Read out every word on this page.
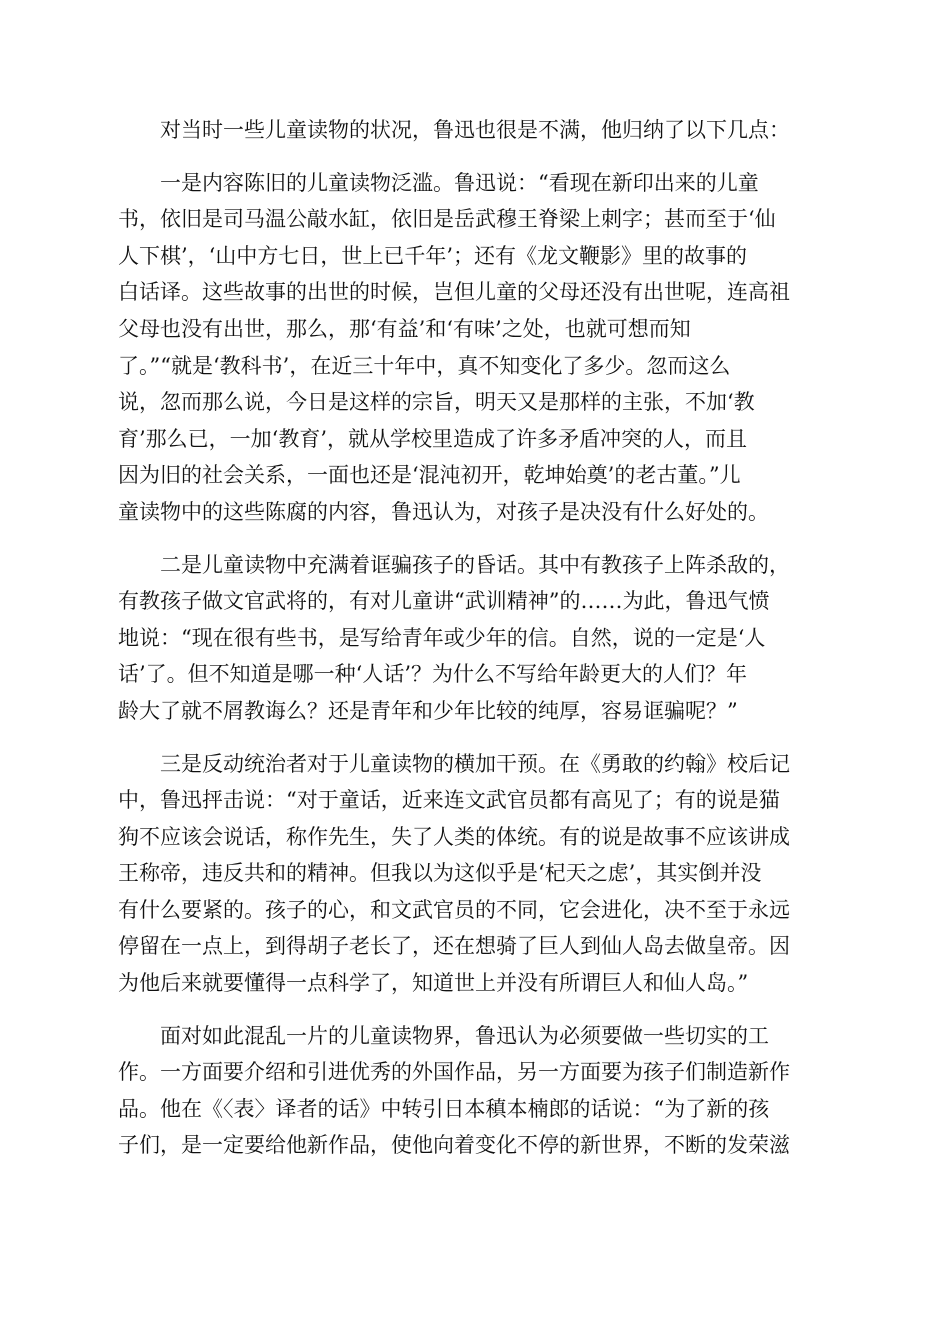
对当时一些儿童读物的状况，鲁迅也很是不满，他归纳了以下几点：
一是内容陈旧的儿童读物泛滥。鲁迅说：“看现在新印出来的儿童
书，依旧是司马温公敲水缸，依旧是岳武穆王脊梁上刺字；甚而至于‘仙
人下棋’，‘山中方七日，世上已千年’；还有《龙文鞭影》里的故事的
白话译。这些故事的出世的时候，岂但儿童的父母还没有出世呢，连高祖
父母也没有出世，那么，那‘有益’和‘有味’之处，也就可想而知
了。”“就是‘教科书’，在近三十年中，真不知变化了多少。忽而这么
说，忽而那么说，今日是这样的宗旨，明天又是那样的主张，不加‘教
育’那么已，一加‘教育’，就从学校里造成了许多矛盾冲突的人，而且
因为旧的社会关系，一面也还是‘混沌初开，乾坤始奠’的老古董。”儿
童读物中的这些陈腐的内容，鲁迅认为，对孩子是决没有什么好处的。
二是儿童读物中充满着诓骗孩子的昏话。其中有教孩子上阵杀敌的，
有教孩子做文官武将的，有对儿童讲“武训精神”的……为此，鲁迅气愤
地说：“现在很有些书，是写给青年或少年的信。自然，说的一定是‘人
话’了。但不知道是哪一种‘人话’？为什么不写给年龄更大的人们？年
龄大了就不屑教诲么？还是青年和少年比较的纯厚，容易诓骗呢？”
三是反动统治者对于儿童读物的横加干预。在《勇敢的约翰》校后记
中，鲁迅抨击说：“对于童话，近来连文武官员都有高见了；有的说是猫
狗不应该会说话，称作先生，失了人类的体统。有的说是故事不应该讲成
王称帝，违反共和的精神。但我以为这似乎是‘杞天之虑’，其实倒并没
有什么要紧的。孩子的心，和文武官员的不同，它会进化，决不至于永远
停留在一点上，到得胡子老长了，还在想骑了巨人到仙人岛去做皇帝。因
为他后来就要懂得一点科学了，知道世上并没有所谓巨人和仙人岛。”
面对如此混乱一片的儿童读物界，鲁迅认为必须要做一些切实的工
作。一方面要介绍和引进优秀的外国作品，另一方面要为孩子们制造新作
品。他在《〈表〉译者的话》中转引日本稹本楠郎的话说：“为了新的孩
子们，是一定要给他新作品，使他向着变化不停的新世界，不断的发荣滋
